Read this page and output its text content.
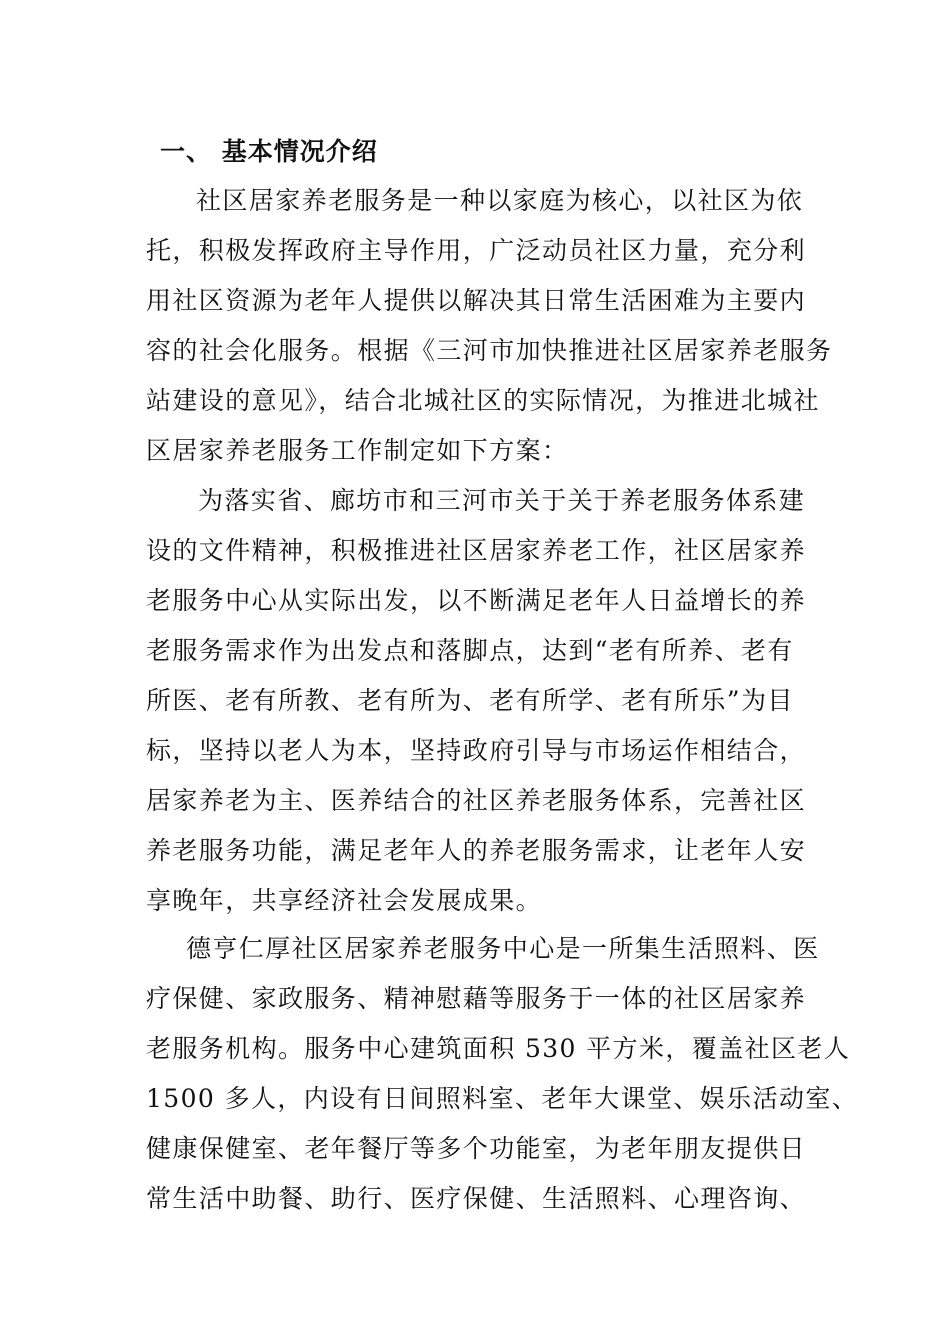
一、 基本情况介绍
社区居家养老服务是一种以家庭为核心，以社区为依
托，积极发挥政府主导作用，广泛动员社区力量，充分利
用社区资源为老年人提供以解决其日常生活困难为主要内
容的社会化服务。根据《三河市加快推进社区居家养老服务
站建设的意见》，结合北城社区的实际情况，为推进北城社
区居家养老服务工作制定如下方案：
为落实省、廊坊市和三河市关于关于养老服务体系建
设的文件精神，积极推进社区居家养老工作，社区居家养
老服务中心从实际出发，以不断满足老年人日益增长的养
老服务需求作为出发点和落脚点，达到“老有所养、老有
所医、老有所教、老有所为、老有所学、老有所乐”为目
标，坚持以老人为本，坚持政府引导与市场运作相结合，
居家养老为主、医养结合的社区养老服务体系，完善社区
养老服务功能，满足老年人的养老服务需求，让老年人安
享晚年，共享经济社会发展成果。
德亨仁厚社区居家养老服务中心是一所集生活照料、医
疗保健、家政服务、精神慰藉等服务于一体的社区居家养
老服务机构。服务中心建筑面积 530 平方米，覆盖社区老人
1500 多人，内设有日间照料室、老年大课堂、娱乐活动室、
健康保健室、老年餐厅等多个功能室，为老年朋友提供日
常生活中助餐、助行、医疗保健、生活照料、心理咨询、
